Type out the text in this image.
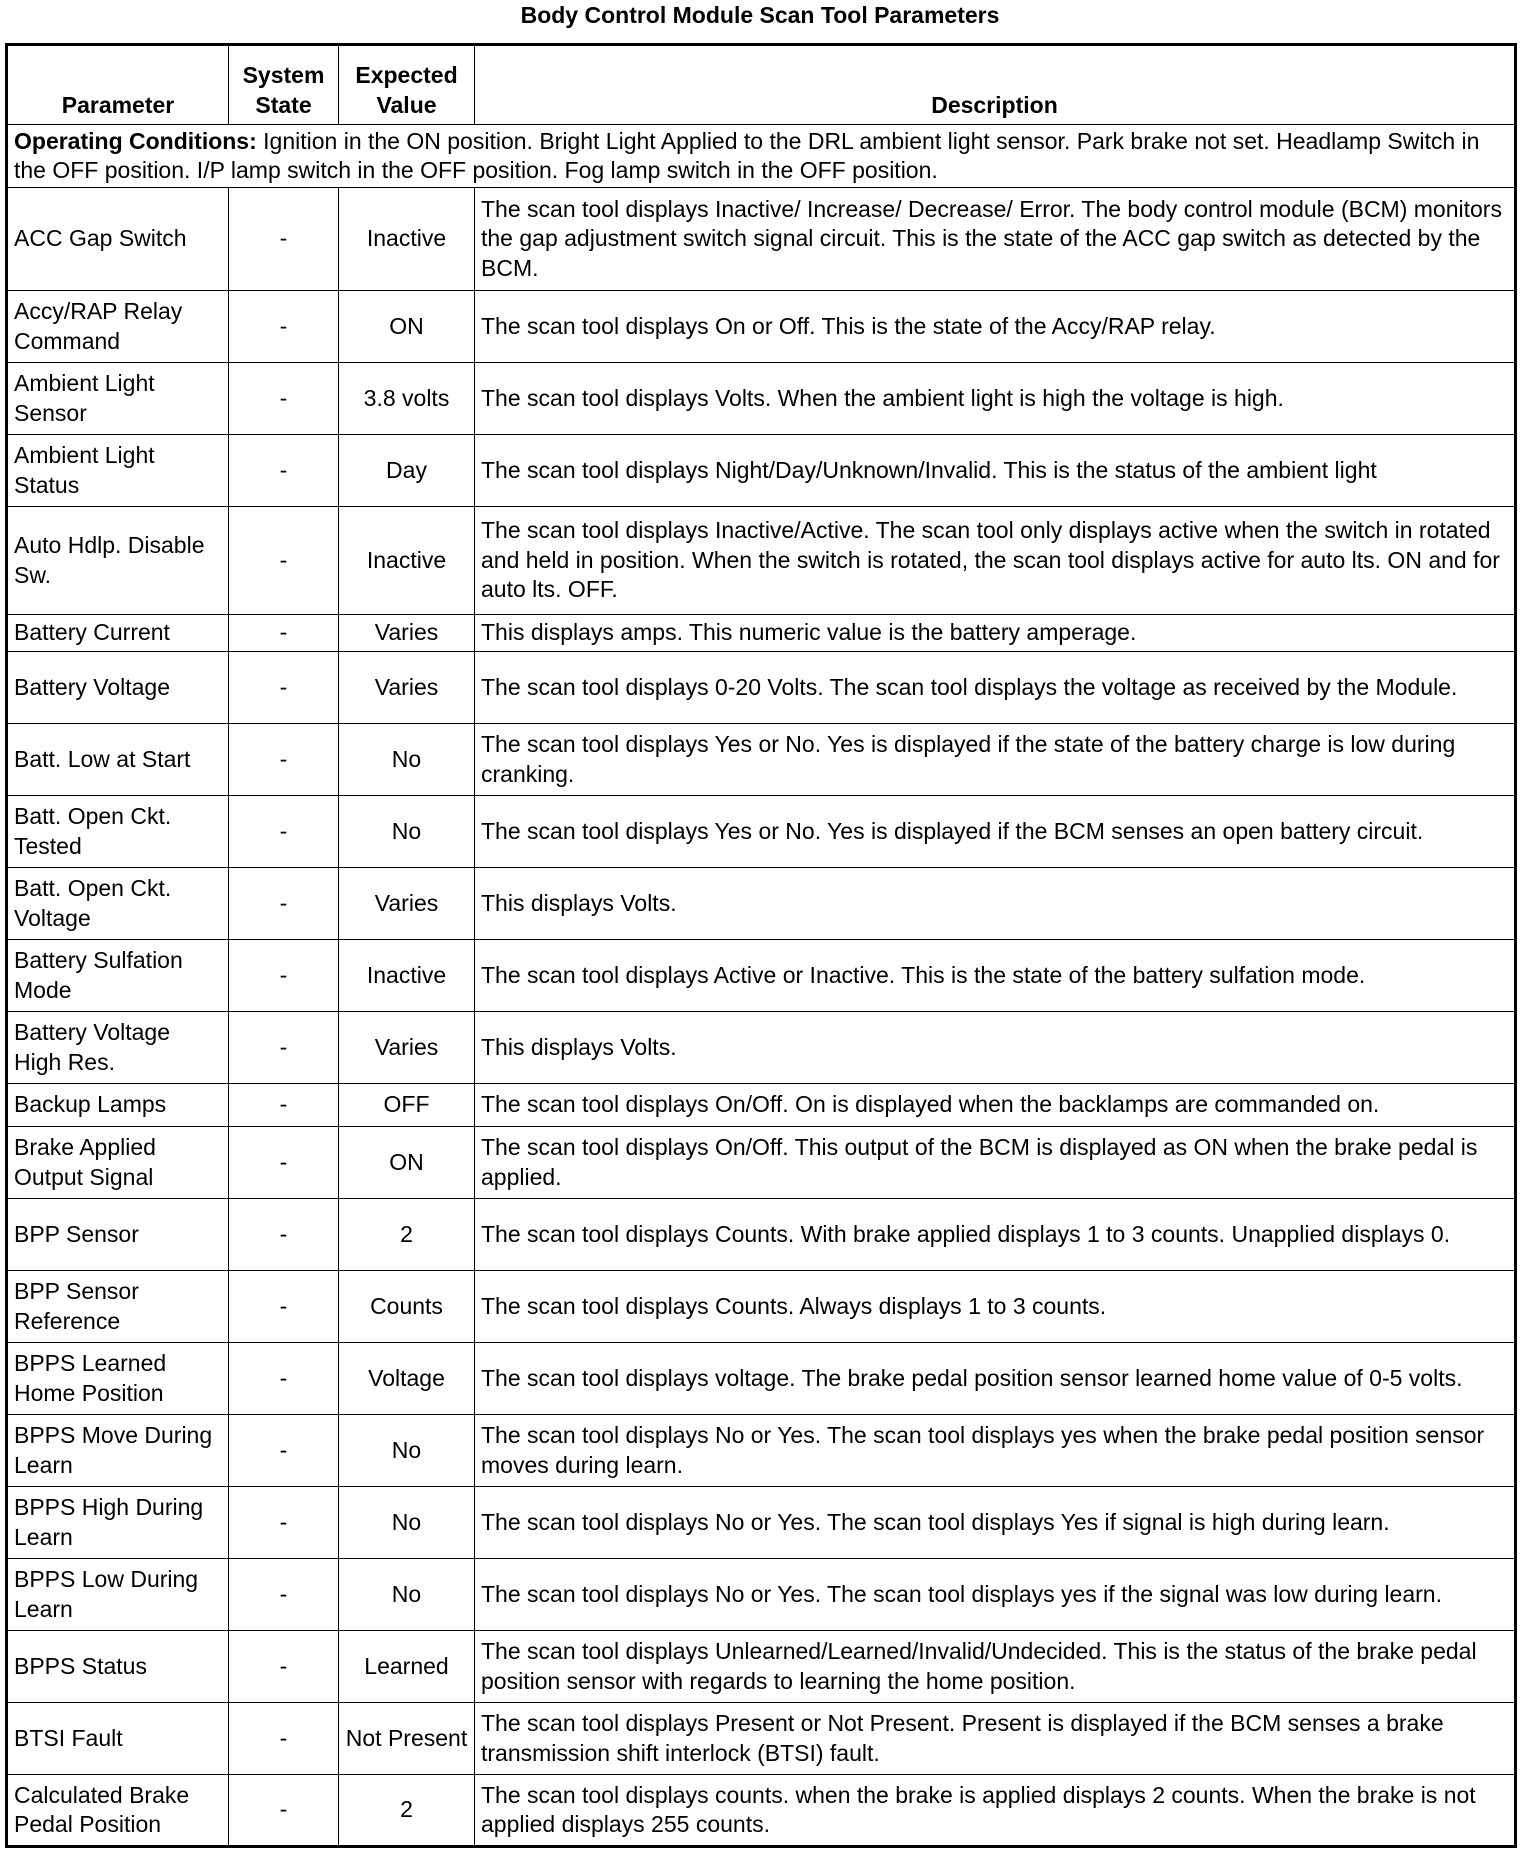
Body Control Module Scan Tool Parameters
Parameter	System State	Expected Value	Description
Operating Conditions: Ignition in the ON position. Bright Light Applied to the DRL ambient light sensor. Park brake not set. Headlamp Switch in the OFF position. I/P lamp switch in the OFF position. Fog lamp switch in the OFF position.			
ACC Gap Switch	-	Inactive	The scan tool displays Inactive/ Increase/ Decrease/ Error. The body control module (BCM) monitors the gap adjustment switch signal circuit. This is the state of the ACC gap switch as detected by the BCM.
Accy/RAP Relay Command	-	ON	The scan tool displays On or Off. This is the state of the Accy/RAP relay.
Ambient Light Sensor	-	3.8 volts	The scan tool displays Volts. When the ambient light is high the voltage is high.
Ambient Light Status	-	Day	The scan tool displays Night/Day/Unknown/Invalid. This is the status of the ambient light
Auto Hdlp. Disable Sw.	-	Inactive	The scan tool displays Inactive/Active. The scan tool only displays active when the switch in rotated and held in position. When the switch is rotated, the scan tool displays active for auto lts. ON and for auto lts. OFF.
Battery Current	-	Varies	This displays amps. This numeric value is the battery amperage.
Battery Voltage	-	Varies	The scan tool displays 0-20 Volts. The scan tool displays the voltage as received by the Module.
Batt. Low at Start	-	No	The scan tool displays Yes or No. Yes is displayed if the state of the battery charge is low during cranking.
Batt. Open Ckt. Tested	-	No	The scan tool displays Yes or No. Yes is displayed if the BCM senses an open battery circuit.
Batt. Open Ckt. Voltage	-	Varies	This displays Volts.
Battery Sulfation Mode	-	Inactive	The scan tool displays Active or Inactive. This is the state of the battery sulfation mode.
Battery Voltage High Res.	-	Varies	This displays Volts.
Backup Lamps	-	OFF	The scan tool displays On/Off. On is displayed when the backlamps are commanded on.
Brake Applied Output Signal	-	ON	The scan tool displays On/Off. This output of the BCM is displayed as ON when the brake pedal is applied.
BPP Sensor	-	2	The scan tool displays Counts. With brake applied displays 1 to 3 counts. Unapplied displays 0.
BPP Sensor Reference	-	Counts	The scan tool displays Counts. Always displays 1 to 3 counts.
BPPS Learned Home Position	-	Voltage	The scan tool displays voltage. The brake pedal position sensor learned home value of 0-5 volts.
BPPS Move During Learn	-	No	The scan tool displays No or Yes. The scan tool displays yes when the brake pedal position sensor moves during learn.
BPPS High During Learn	-	No	The scan tool displays No or Yes. The scan tool displays Yes if signal is high during learn.
BPPS Low During Learn	-	No	The scan tool displays No or Yes. The scan tool displays yes if the signal was low during learn.
BPPS Status	-	Learned	The scan tool displays Unlearned/Learned/Invalid/Undecided. This is the status of the brake pedal position sensor with regards to learning the home position.
BTSI Fault	-	Not Present	The scan tool displays Present or Not Present. Present is displayed if the BCM senses a brake transmission shift interlock (BTSI) fault.
Calculated Brake Pedal Position	-	2	The scan tool displays counts. when the brake is applied displays 2 counts. When the brake is not applied displays 255 counts.
